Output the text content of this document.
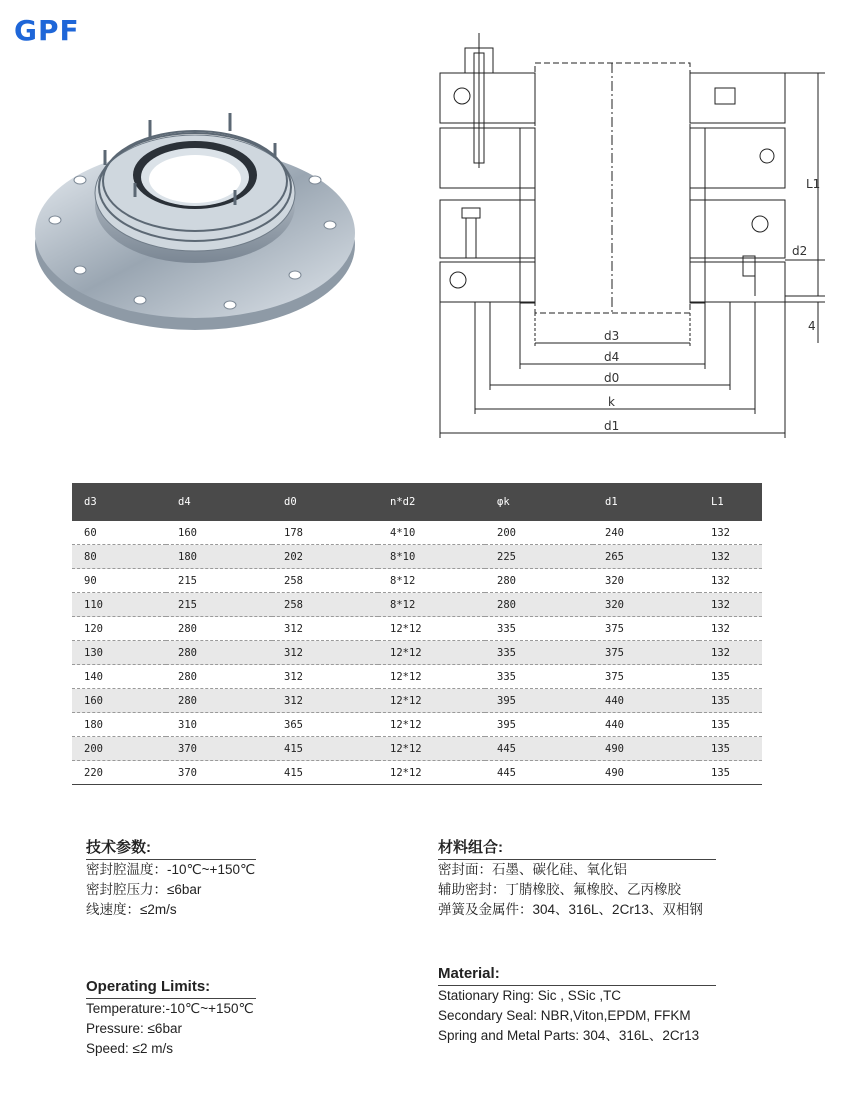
GPF
L1
d2
4
d3
d4
d0
k
d1
d3	d4	d0	n*d2	φk	d1	L1
60	160	178	4*10	200	240	132
80	180	202	8*10	225	265	132
90	215	258	8*12	280	320	132
110	215	258	8*12	280	320	132
120	280	312	12*12	335	375	132
130	280	312	12*12	335	375	132
140	280	312	12*12	335	375	135
160	280	312	12*12	395	440	135
180	310	365	12*12	395	440	135
200	370	415	12*12	445	490	135
220	370	415	12*12	445	490	135
技术参数:
密封腔温度：-10℃~+150℃
密封腔压力：≤6bar
线速度：≤2m/s
材料组合:
密封面：石墨、碳化硅、氧化铝
辅助密封：丁腈橡胶、氟橡胶、乙丙橡胶
弹簧及金属件：304、316L、2Cr13、双相钢
Operating Limits:
Temperature:-10℃~+150℃
Pressure: ≤6bar
Speed: ≤2 m/s
Material:
Stationary Ring: Sic , SSic ,TC
Secondary Seal: NBR,Viton,EPDM, FFKM
Spring and Metal Parts: 304、316L、2Cr13
